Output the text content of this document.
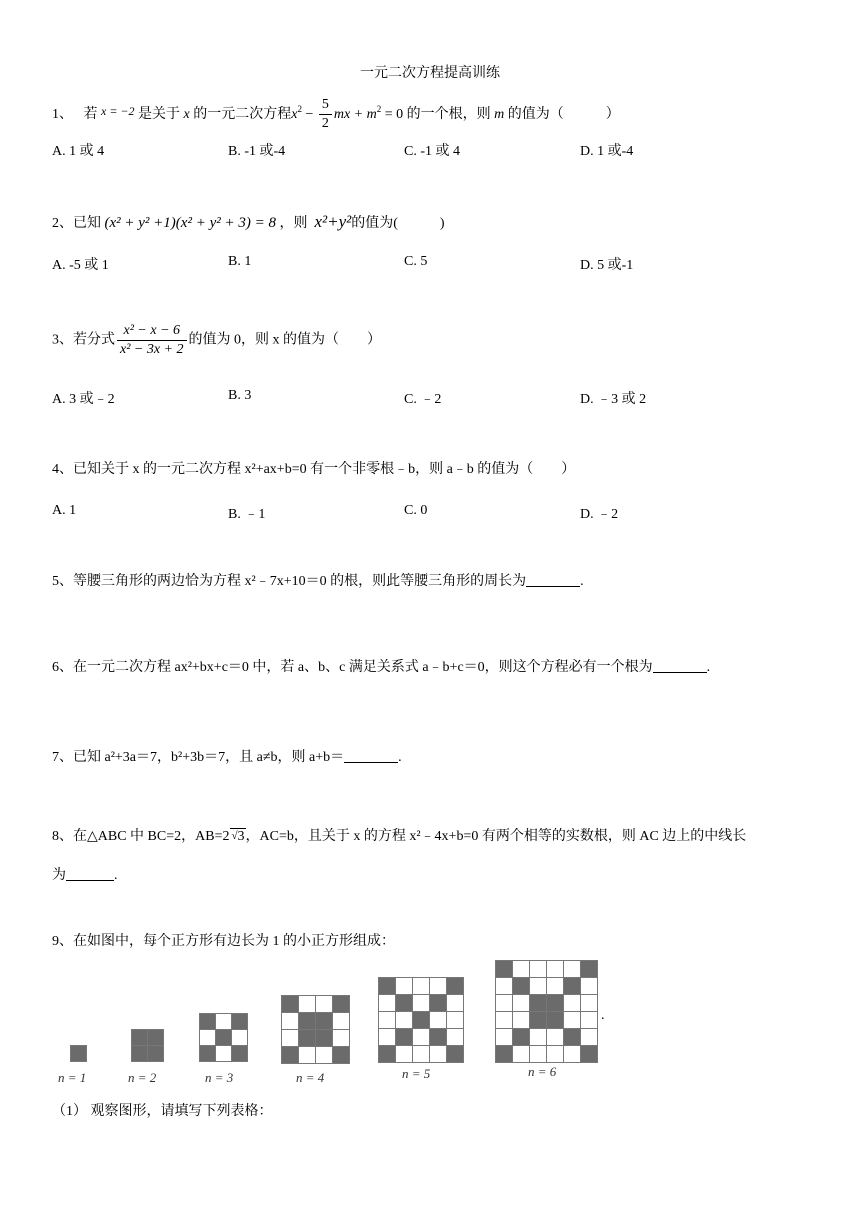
一元二次方程提高训练
1、 若 x = −2 是关于 x 的一元二次方程$x^2 - \frac{5}{2}$ mx + $m^2 = 0$ 的一个根，则 m 的值为（　　　）
A. 1 或 4	B. -1 或-4	C. -1 或 4	D. 1 或-4
2、已知 (x² + y² +1)(x² + y² + 3) = 8 ，则 x²+y²的值为(　　　)
A. -5 或 1	B. 1	C. 5	D. 5 或-1
3、若分式 $\frac{\text{x² − x − 6}}{\text{x² − 3x + 2}}$ 的值为 0，则 x 的值为（　　）
A. 3 或﹣2	B. 3	C. ﹣2	D. ﹣3 或 2
4、已知关于 x 的一元二次方程 x²+ax+b=0 有一个非零根﹣b，则 a﹣b 的值为（　　）
A. 1	B. ﹣1	C. 0	D. ﹣2
5、等腰三角形的两边恰为方程 x²﹣7x+10＝0 的根，则此等腰三角形的周长为	.
6、在一元二次方程 ax²+bx+c＝0 中，若 a、b、c 满足关系式 a﹣b+c＝0，则这个方程必有一个根为	.
7、已知 a²+3a＝7，b²+3b＝7，且 a≠b，则 a+b＝	.
8、在△ABC 中 BC=2，AB=2 √3，AC=b，且关于 x 的方程 x²﹣4x+b=0 有两个相等的实数根，则 AC 边上的中线长
为	.
9、在如图中，每个正方形有边长为 1 的小正方形组成：
.
n = 1	n = 2	n = 3	n = 4	n = 5	n = 6
（1） 观察图形，请填写下列表格：
